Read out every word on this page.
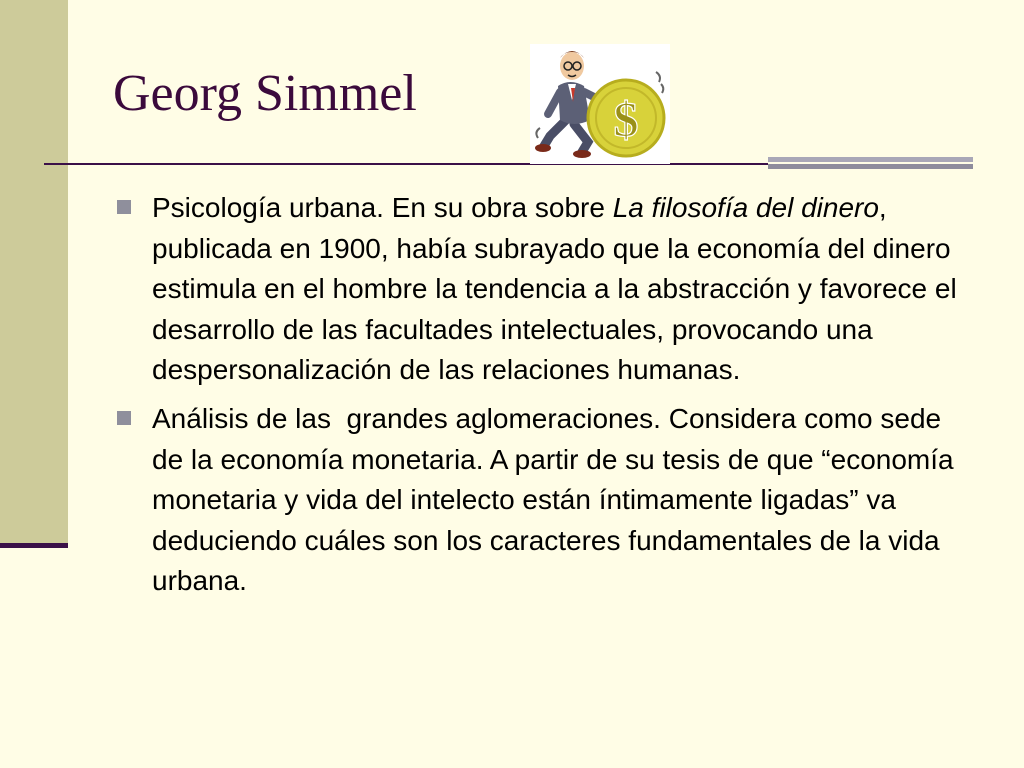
Georg Simmel	$
Psicología urbana. En su obra sobre La filosofía del dinero, publicada en 1900, había subrayado que la economía del dinero estimula en el hombre la tendencia a la abstracción y favorece el desarrollo de las facultades intelectuales, provocando una despersonalización de las relaciones humanas.
Análisis de las  grandes aglomeraciones. Considera como sede de la economía monetaria. A partir de su tesis de que “economía monetaria y vida del intelecto están íntimamente ligadas” va deduciendo cuáles son los caracteres fundamentales de la vida urbana.
